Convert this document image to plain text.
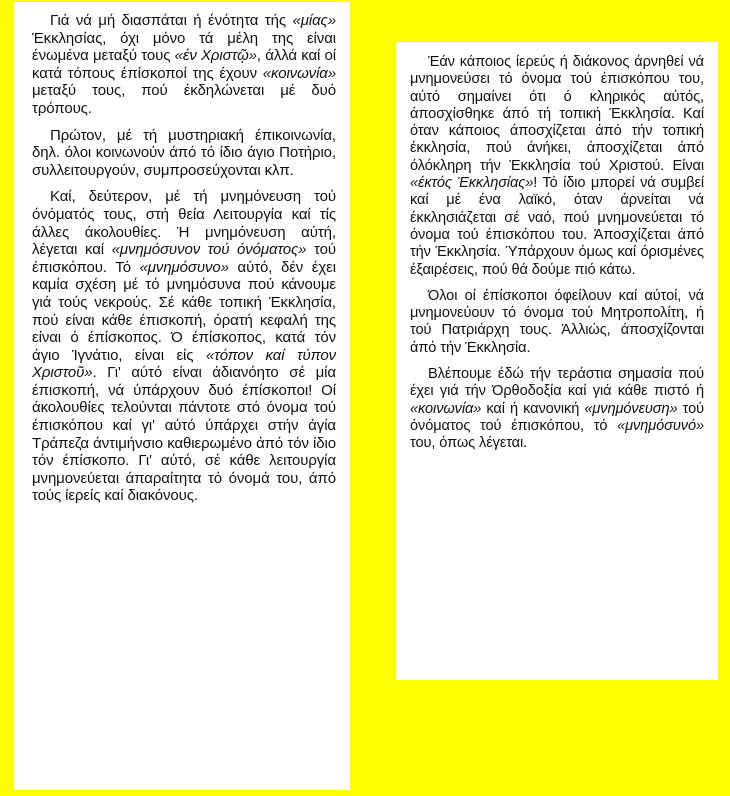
Γιά νά μή διασπάται ή ένότητα τής «μίας» Έκκλησίας, όχι μόνο τά μέλη της είναι ένωμένα μεταξύ τους «έν Χριστῷ», άλλά καί οί κατά τόπους έπίσκοποί της έχουν «κοινωνία» μεταξύ τους, πού έκδηλώνεται μέ δυό τρόπους.

Πρώτον, μέ τή μυστηριακή έπικοινωνία, δηλ. όλοι κοινωνούν άπό τό ίδιο άγιο Ποτήριο, συλλειτουργούν, συμπροσεύχονται κλπ.

Καί, δεύτερον, μέ τή μνημόνευση τού όνόματός τους, στή θεία Λειτουργία καί τίς άλλες άκολουθίες. Ή μνημόνευση αύτή, λέγεται καί «μνημόσυνον τού όνόματος» τού έπισκόπου. Τό «μνημόσυνο» αύτό, δέν έχει καμία σχέση μέ τό μνημόσυνα πού κάνουμε γιά τούς νεκρούς. Σέ κάθε τοπική Έκκλησία, πού είναι κάθε έπισκοπή, όρατή κεφαλή της είναι ό έπίσκοπος. Ό έπίσκοπος, κατά τόν άγιο Ίγνάτιο, είναι είς «τόπον καί τύπον Χριστοῦ». Γι' αύτό είναι άδιανόητο σέ μία έπισκοπή, νά ύπάρχουν δυό έπίσκοποι! Οί άκολουθίες τελούνται πάντοτε στό όνομα τού έπισκόπου καί γι' αύτό ύπάρχει στήν άγία Τράπεζα άντιμήνσιο καθιερωμένο άπό τόν ίδιο τόν έπίσκοπο. Γι' αύτό, σέ κάθε λειτουργία μνημονεύεται άπαραίτητα τό όνομά του, άπό τούς ίερείς καί διακόνους.

Έάν κάποιος ίερεύς ή διάκονος άρνηθεί νά μνημονεύσει τό όνομα τού έπισκόπου του, αύτό σημαίνει ότι ό κληρικός αύτός, άποσχίσθηκε άπό τή τοπική Έκκλησία. Καί όταν κάποιος άποσχίζεται άπό τήν τοπική έκκλησία, πού άνήκει, άποσχίζεται άπό όλόκληρη τήν Έκκλησία τού Χριστού. Είναι «έκτός Έκκλησίας»! Τό ίδιο μπορεί νά συμβεί καί μέ ένα λαϊκό, όταν άρνείται νά έκκλησιάζεται σέ ναό, πού μνημονεύεται τό όνομα τού έπισκόπου του. Άποσχίζεται άπό τήν Έκκλησία. Ύπάρχουν όμως καί όρισμένες έξαιρέσεις, πού θά δούμε πιό κάτω.

Όλοι οί έπίσκοποι όφείλουν καί αύτοί, νά μνημονεύουν τό όνομα τού Μητροπολίτη, ή τού Πατριάρχη τους. Άλλιώς, άποσχίζονται άπό τήν Έκκλησία.

Βλέπουμε έδώ τήν τεράστια σημασία πού έχει γιά τήν Όρθοδοξία καί γιά κάθε πιστό ή «κοινωνία» καί ή κανονική «μνημόνευση» τού όνόματος τού έπισκόπου, τό «μνημόσυνό» του, όπως λέγεται.
